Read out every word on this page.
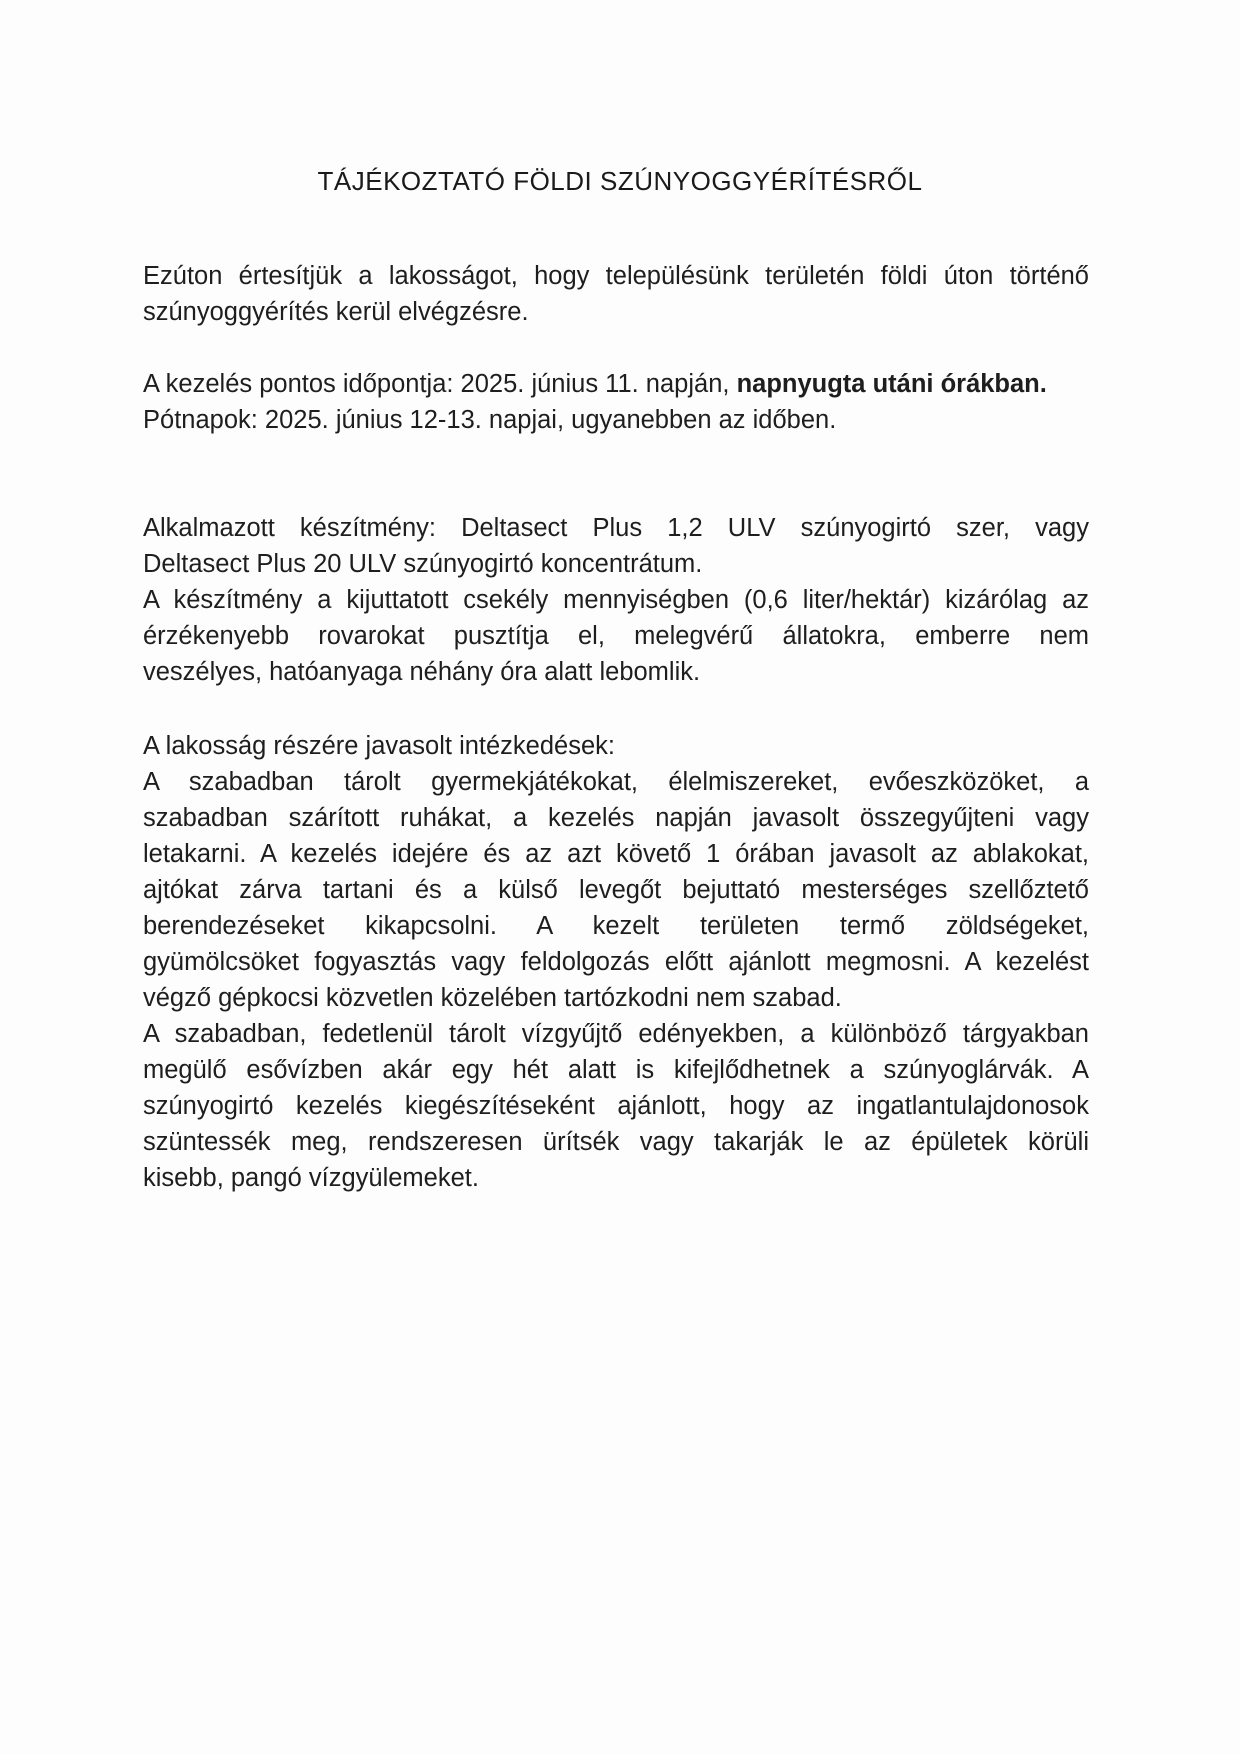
TÁJÉKOZTATÓ FÖLDI SZÚNYOGGYÉRÍTÉSRŐL
Ezúton értesítjük a lakosságot, hogy településünk területén földi úton történő
szúnyoggyérítés kerül elvégzésre.
A kezelés pontos időpontja: 2025. június 11. napján, napnyugta utáni órákban.
Pótnapok: 2025. június 12-13. napjai, ugyanebben az időben.
Alkalmazott készítmény: Deltasect Plus 1,2 ULV szúnyogirtó szer, vagy
Deltasect Plus 20 ULV szúnyogirtó koncentrátum.
A készítmény a kijuttatott csekély mennyiségben (0,6 liter/hektár) kizárólag az
érzékenyebb rovarokat pusztítja el, melegvérű állatokra, emberre nem
veszélyes, hatóanyaga néhány óra alatt lebomlik.
A lakosság részére javasolt intézkedések:
A szabadban tárolt gyermekjátékokat, élelmiszereket, evőeszközöket, a
szabadban szárított ruhákat, a kezelés napján javasolt összegyűjteni vagy
letakarni. A kezelés idejére és az azt követő 1 órában javasolt az ablakokat,
ajtókat zárva tartani és a külső levegőt bejuttató mesterséges szellőztető
berendezéseket kikapcsolni. A kezelt területen termő zöldségeket,
gyümölcsöket fogyasztás vagy feldolgozás előtt ajánlott megmosni. A kezelést
végző gépkocsi közvetlen közelében tartózkodni nem szabad.
A szabadban, fedetlenül tárolt vízgyűjtő edényekben, a különböző tárgyakban
megülő esővízben akár egy hét alatt is kifejlődhetnek a szúnyoglárvák. A
szúnyogirtó kezelés kiegészítéseként ajánlott, hogy az ingatlantulajdonosok
szüntessék meg, rendszeresen ürítsék vagy takarják le az épületek körüli
kisebb, pangó vízgyülemeket.
